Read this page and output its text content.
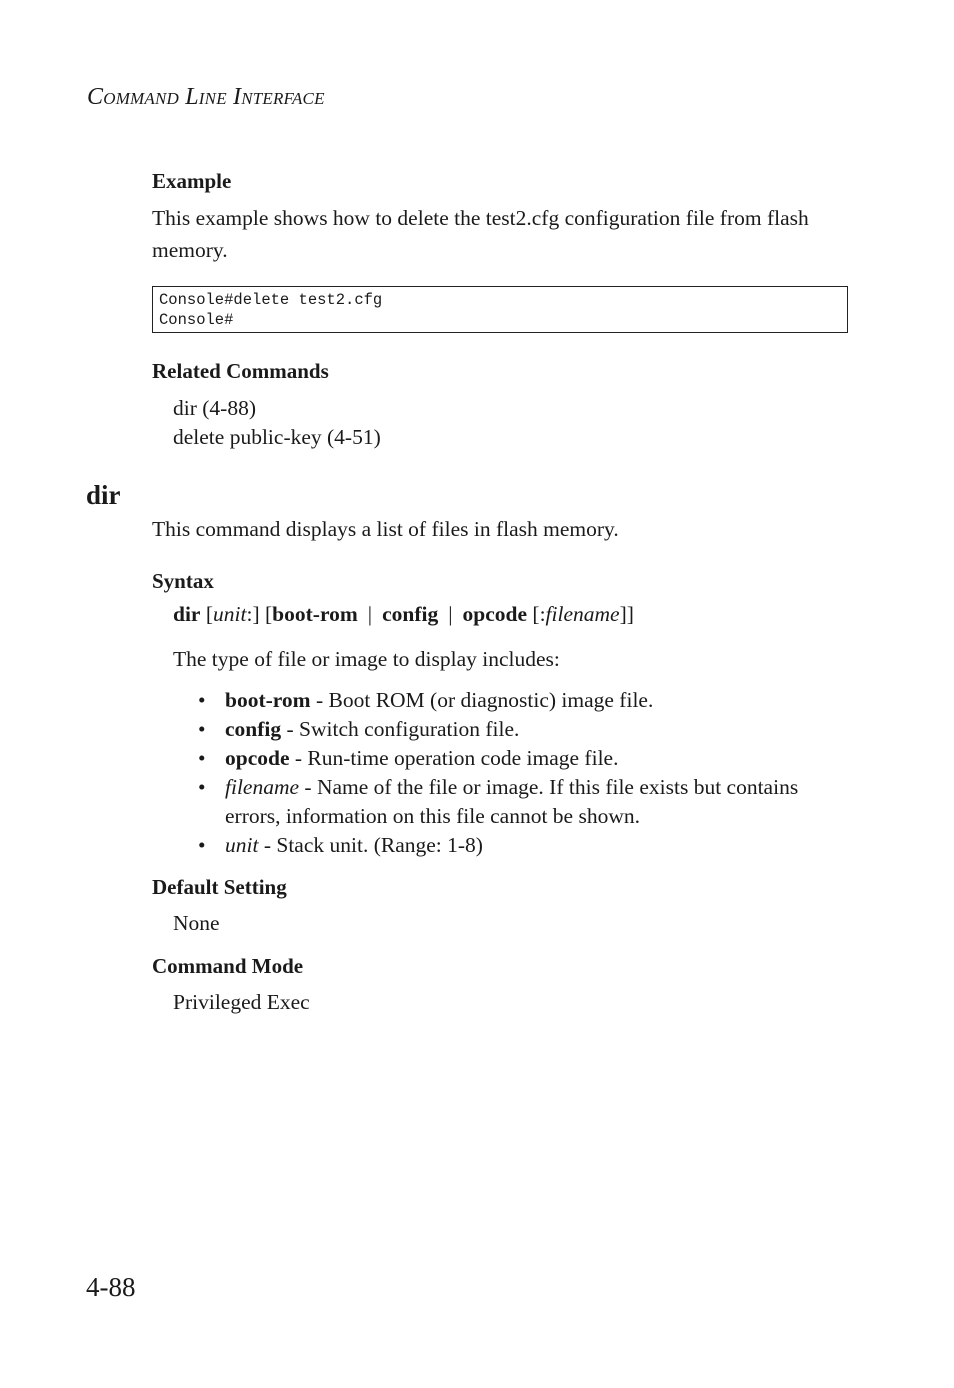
COMMAND LINE INTERFACE
Example
This example shows how to delete the test2.cfg configuration file from flash memory.
Console#delete test2.cfg
Console#
Related Commands
dir (4-88)
delete public-key (4-51)
dir
This command displays a list of files in flash memory.
Syntax
dir [unit:] [boot-rom | config | opcode [:filename]]
The type of file or image to display includes:
• boot-rom - Boot ROM (or diagnostic) image file.
• config - Switch configuration file.
• opcode - Run-time operation code image file.
• filename - Name of the file or image. If this file exists but contains errors, information on this file cannot be shown.
• unit - Stack unit. (Range: 1-8)
Default Setting
None
Command Mode
Privileged Exec
4-88
